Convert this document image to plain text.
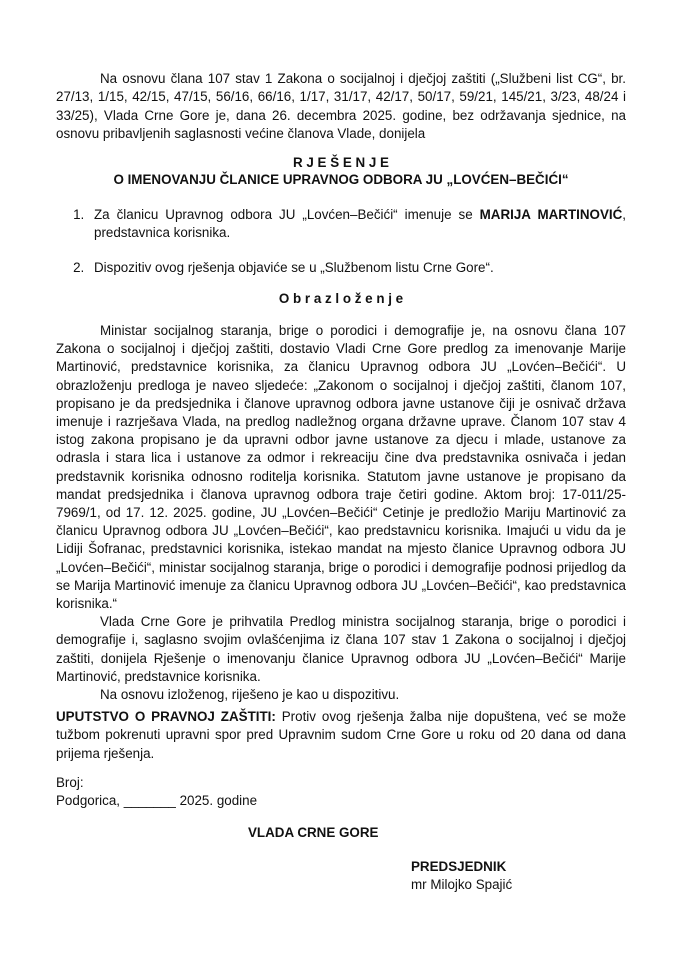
Na osnovu člana 107 stav 1 Zakona o socijalnoj i dječjoj zaštiti („Službeni list CG“, br. 27/13, 1/15, 42/15, 47/15, 56/16, 66/16, 1/17, 31/17, 42/17, 50/17, 59/21, 145/21, 3/23, 48/24 i 33/25), Vlada Crne Gore je, dana 26. decembra 2025. godine, bez održavanja sjednice, na osnovu pribavljenih saglasnosti većine članova Vlade, donijela

R J E Š E N J E
O IMENOVANJU ČLANICE UPRAVNOG ODBORA JU „LOVĆEN–BEČIĆI“
1. Za članicu Upravnog odbora JU „Lovćen–Bečići“ imenuje se MARIJA MARTINOVIĆ, predstavnica korisnika.
2. Dispozitiv ovog rješenja objaviće se u „Službenom listu Crne Gore“.
O b r a z l o ž e n j e

Ministar socijalnog staranja, brige o porodici i demografije je, na osnovu člana 107 Zakona o socijalnoj i dječjoj zaštiti, dostavio Vladi Crne Gore predlog za imenovanje Marije Martinović, predstavnice korisnika, za članicu Upravnog odbora JU „Lovćen–Bečići“. U obrazloženju predloga je naveo sljedeće: „Zakonom o socijalnoj i dječjoj zaštiti, članom 107, propisano je da predsjednika i članove upravnog odbora javne ustanove čiji je osnivač država imenuje i razrješava Vlada, na predlog nadležnog organa državne uprave. Članom 107 stav 4 istog zakona propisano je da upravni odbor javne ustanove za djecu i mlade, ustanove za odrasla i stara lica i ustanove za odmor i rekreaciju čine dva predstavnika osnivača i jedan predstavnik korisnika odnosno roditelja korisnika. Statutom javne ustanove je propisano da mandat predsjednika i članova upravnog odbora traje četiri godine. Aktom broj: 17-011/25-7969/1, od 17. 12. 2025. godine, JU „Lovćen–Bečići“ Cetinje je predložio Mariju Martinović za članicu Upravnog odbora JU „Lovćen–Bečići“, kao predstavnicu korisnika. Imajući u vidu da je Lidiji Šofranac, predstavnici korisnika, istekao mandat na mjesto članice Upravnog odbora JU „Lovćen–Bečići“, ministar socijalnog staranja, brige o porodici i demografije podnosi prijedlog da se Marija Martinović imenuje za članicu Upravnog odbora JU „Lovćen–Bečići“, kao predstavnica korisnika.“

Vlada Crne Gore je prihvatila Predlog ministra socijalnog staranja, brige o porodici i demografije i, saglasno svojim ovlašćenjima iz člana 107 stav 1 Zakona o socijalnoj i dječjoj zaštiti, donijela Rješenje o imenovanju članice Upravnog odbora JU „Lovćen–Bečići“ Marije Martinović, predstavnice korisnika.

Na osnovu izloženog, riješeno je kao u dispozitivu.

UPUTSTVO O PRAVNOJ ZAŠTITI: Protiv ovog rješenja žalba nije dopuštena, već se može tužbom pokrenuti upravni spor pred Upravnim sudom Crne Gore u roku od 20 dana od dana prijema rješenja.

Broj:
Podgorica, _______ 2025. godine
VLADA CRNE GORE
PREDSJEDNIK
mr Milojko Spajić
